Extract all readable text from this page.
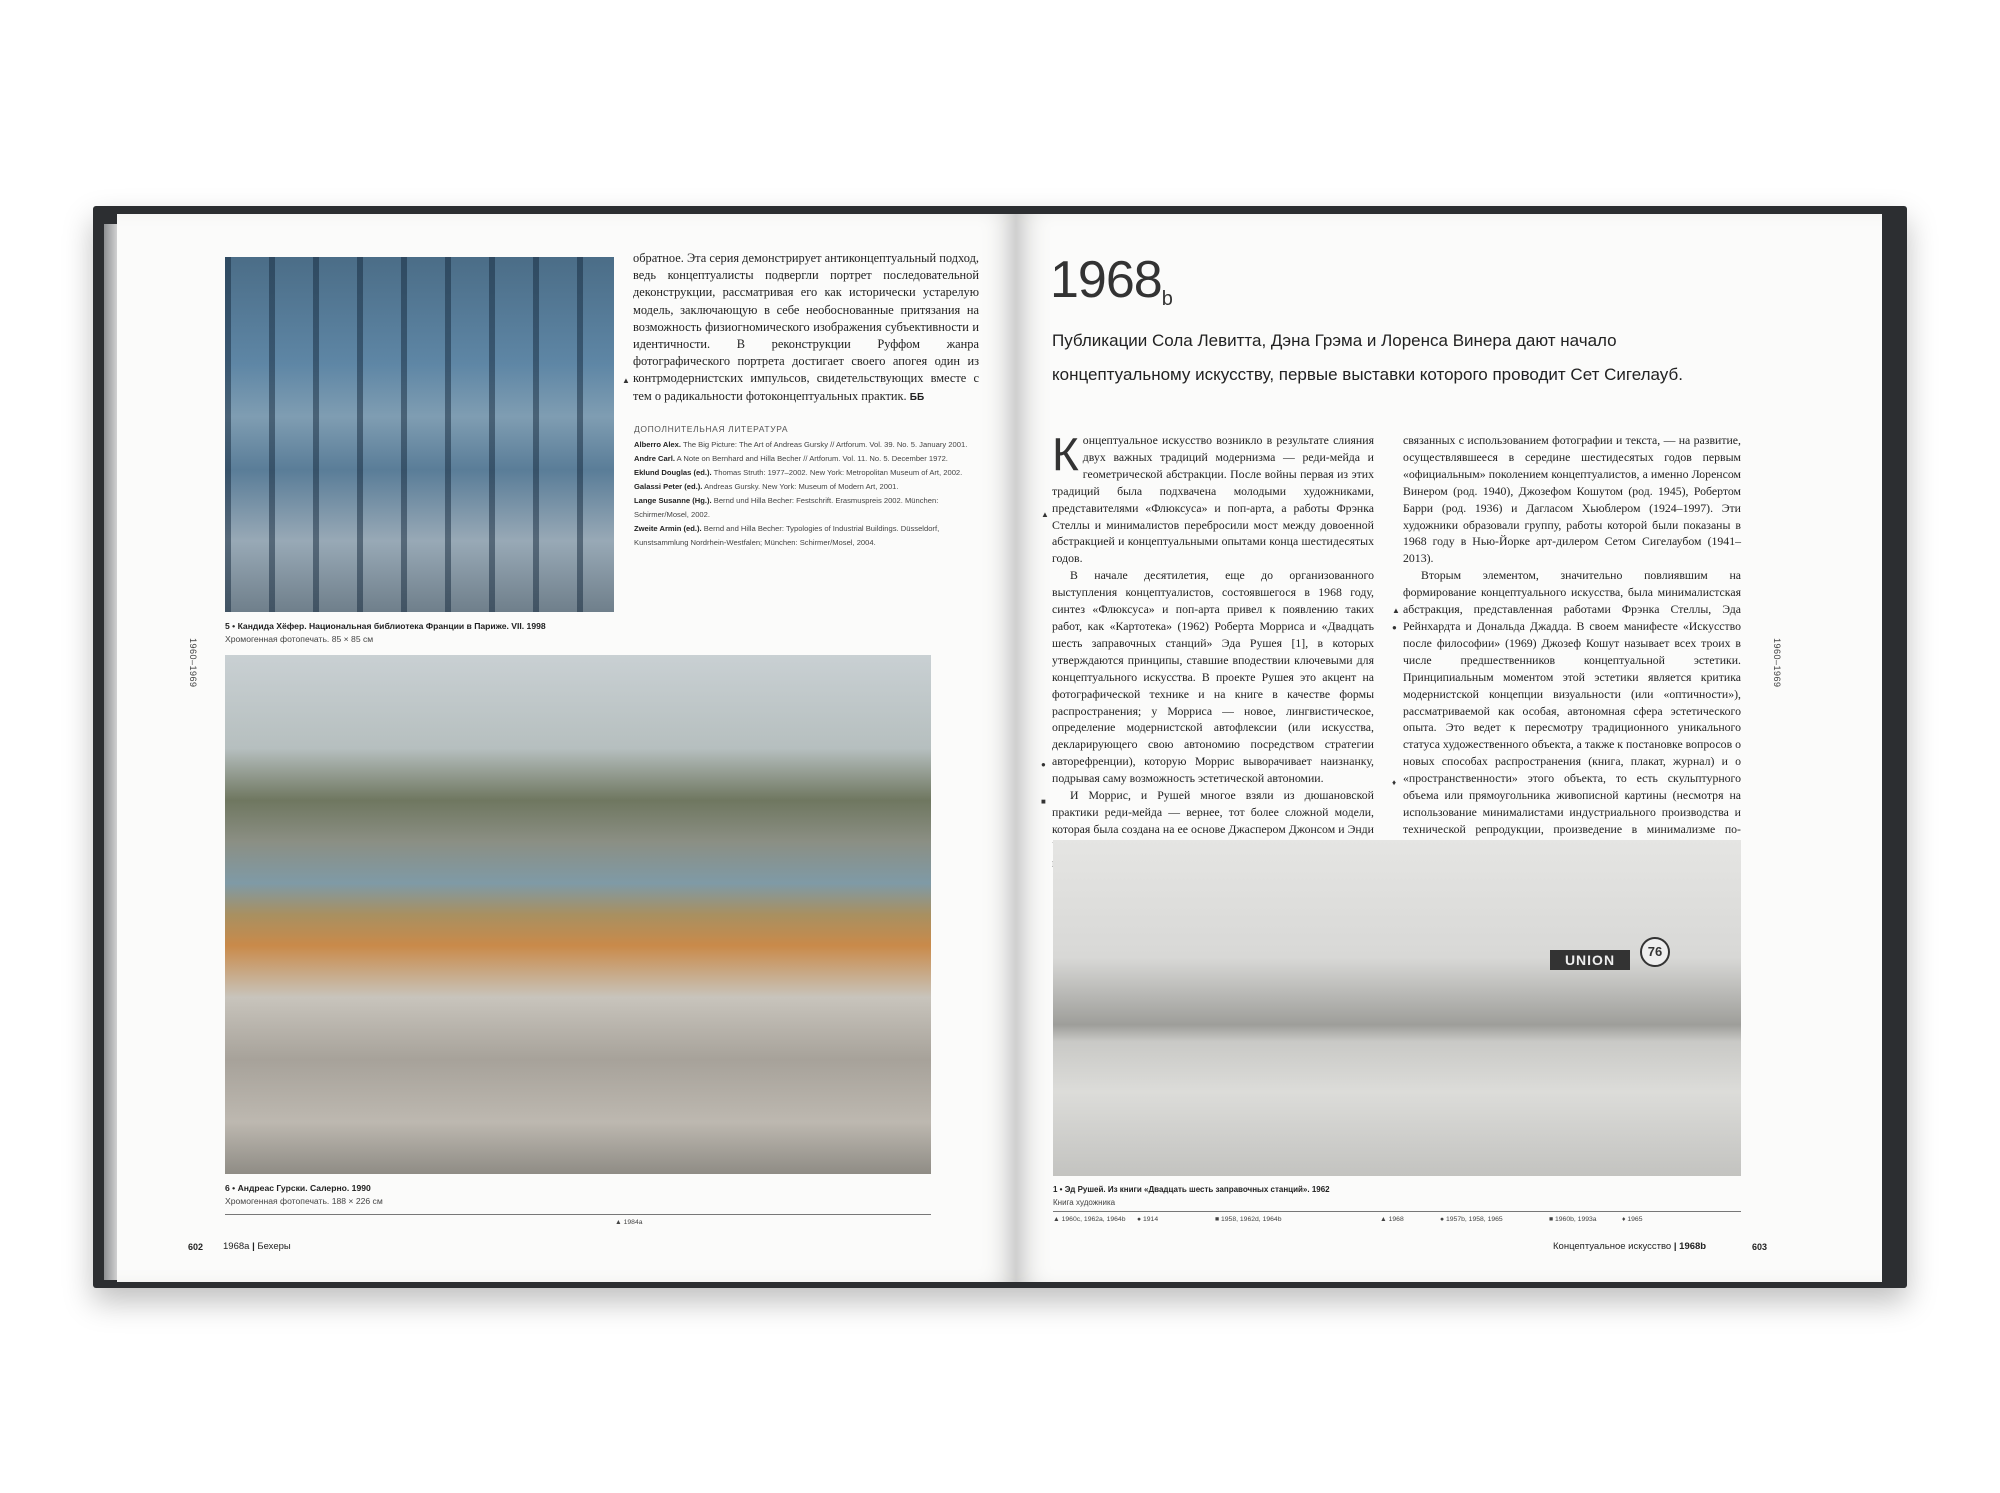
обратное. Эта серия демонстрирует антиконцептуальный подход, ведь концептуалисты подвергли портрет последовательной деконструкции, рассматривая его как исторически устарелую модель, заключающую в себе необоснованные притязания на возможность физиогномического изображения субъективности и идентичности. В реконструкции Руффом жанра фотографического портрета достигает своего апогея один из контрмодернистских импульсов, свидетельствующих вместе с тем о радикальности фотоконцептуальных практик. ББ

▲
ДОПОЛНИТЕЛЬНАЯ ЛИТЕРАТУРА
Alberro Alex. The Big Picture: The Art of Andreas Gursky // Artforum. Vol. 39. No. 5. January 2001.
Andre Carl. A Note on Bernhard and Hilla Becher // Artforum. Vol. 11. No. 5. December 1972.
Eklund Douglas (ed.). Thomas Struth: 1977–2002. New York: Metropolitan Museum of Art, 2002.
Galassi Peter (ed.). Andreas Gursky. New York: Museum of Modern Art, 2001.
Lange Susanne (Hg.). Bernd und Hilla Becher: Festschrift. Erasmuspreis 2002. München: Schirmer/Mosel, 2002.
Zweite Armin (ed.). Bernd and Hilla Becher: Typologies of Industrial Buildings. Düsseldorf, Kunstsammlung Nordrhein-Westfalen; München: Schirmer/Mosel, 2004.
5 • Кандида Хёфер. Национальная библиотека Франции в Париже. VII. 1998
Хромогенная фотопечать. 85 × 85 см
1960–1969
6 • Андреас Гурски. Салерно. 1990
Хромогенная фотопечать. 188 × 226 см
▲ 1984a
602 1968a | Бехеры
$1968_b$
Публикации Сола Левитта, Дэна Грэма и Лоренса Винера дают начало концептуальному искусству, первые выставки которого проводит Сет Сигелауб.

Концептуальное искусство возникло в результате слияния двух важных традиций модернизма — реди-мейда и геометрической абстракции. После войны первая из этих традиций была подхвачена молодыми художниками, представителями «Флюксуса» и поп-арта, а работы Фрэнка Стеллы и минималистов перебросили мост между довоенной абстракцией и концептуальными опытами конца шестидесятых годов.

В начале десятилетия, еще до организованного выступления концептуалистов, состоявшегося в 1968 году, синтез «Флюксуса» и поп-арта привел к появлению таких работ, как «Картотека» (1962) Роберта Морриса и «Двадцать шесть заправочных станций» Эда Рушея [1], в которых утверждаются принципы, ставшие вподествии ключевыми для концептуального искусства. В проекте Рушея это акцент на фотографической технике и на книге в качестве формы распространения; у Морриса — новое, лингвистическое, определение модернистской автофлексии (или искусства, декларирующего свою автономию посредством стратегии авторефренции), которую Моррис выворачивает наизнанку, подрывая саму возможность эстетической автономии.

И Моррис, и Рушей многое взяли из дюшановской практики реди-мейда — вернее, тот более сложной модели, которая была создана на ее основе Джаспером Джонсом и Энди

▲
●
■

связанных с использованием фотографии и текста, — на развитие, осуществлявшееся в середине шестидесятых годов первым «официальным» поколением концептуалистов, а именно Лоренсом Винером (род. 1940), Джозефом Кошутом (род. 1945), Робертом Барри (род. 1936) и Дагласом Хьюблером (1924–1997). Эти художники образовали группу, работы которой были показаны в 1968 году в Нью-Йорке арт-дилером Сетом Сигелаубом (1941–2013).

Вторым элементом, значительно повлиявшим на формирование концептуального искусства, была минималистская абстракция, представленная работами Фрэнка Стеллы, Эда Рейнхардта и Дональда Джадда. В своем манифесте «Искусство после философии» (1969) Джозеф Кошут называет всех троих в числе предшественников концептуальной эстетики. Принципиальным моментом этой эстетики является критика модернистской концепции визуальности (или «оптичности»), рассматриваемой как особая, автономная сфера эстетического опыта. Это ведет к пересмотру традиционного уникального статуса художественного объекта, а также к постановке вопросов о новых способах распространения (книга, плакат, журнал) и о «пространственности» этого объекта, то есть скульптурного объема или прямоугольника живописной картины (несмотря на использование минималистами индустриального производства и технической репродукции, произведение в минимализме по-

▲
●
♦
1960–1969
UNION
76
1 • Эд Рушей. Из книги «Двадцать шесть заправочных станций». 1962
Книга художника
▲ 1960c, 1962a, 1964b ● 1914	■ 1958, 1962d, 1964b	▲ 1968	● 1957b, 1958, 1965	■ 1960b, 1993a	♦ 1965
Концептуальное искусство | 1968b	603
